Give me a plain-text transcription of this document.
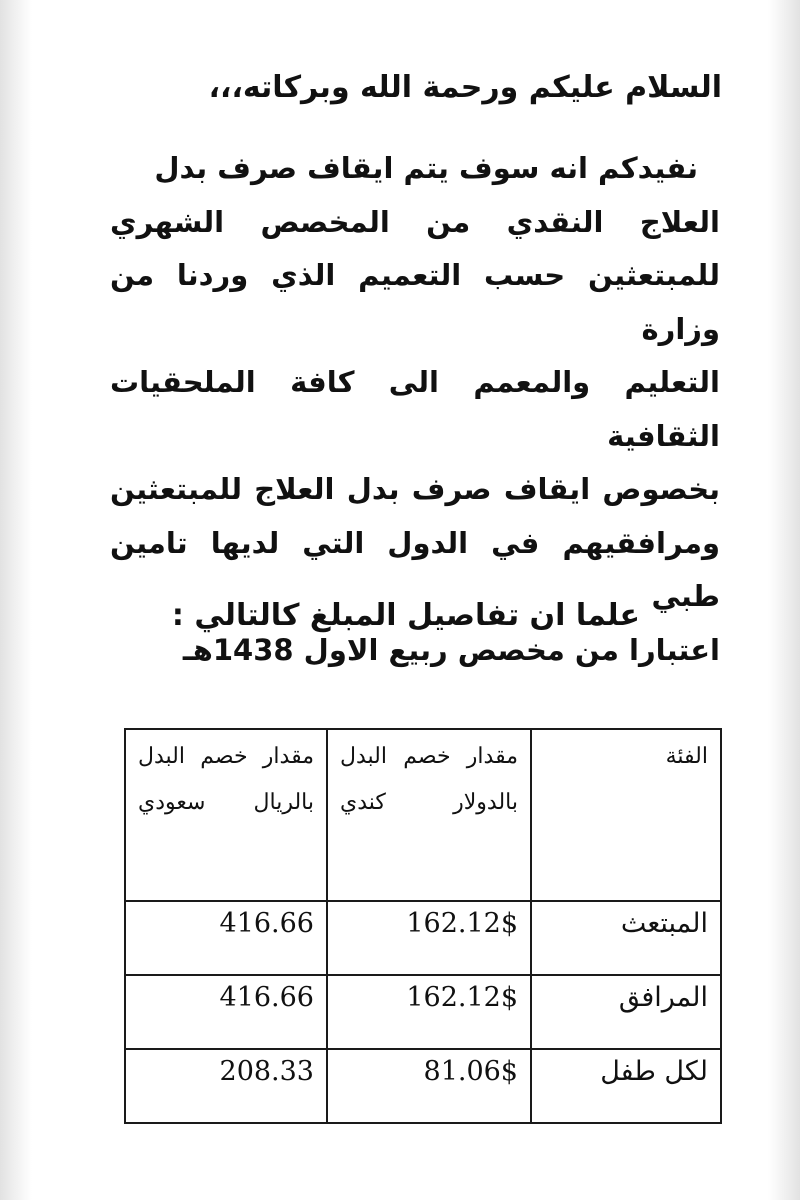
السلام عليكم ورحمة الله وبركاته،،،
نفيدكم انه سوف يتم ايقاف صرف بدل
العلاج النقدي من المخصص الشهري
للمبتعثين حسب التعميم الذي وردنا من وزارة
التعليم والمعمم الى كافة الملحقيات الثقافية
بخصوص ايقاف صرف بدل العلاج للمبتعثين
ومرافقيهم في الدول التي لديها تامين طبي
اعتبارا من مخصص ربيع الاول 1438هـ
علما ان تفاصيل المبلغ كالتالي :
الفئة	مقدار خصم البدل بالدولار كندي	مقدار خصم البدل بالريال سعودي
المبتعث	162.12$	416.66
المرافق	162.12$	416.66
لكل طفل	81.06$	208.33
